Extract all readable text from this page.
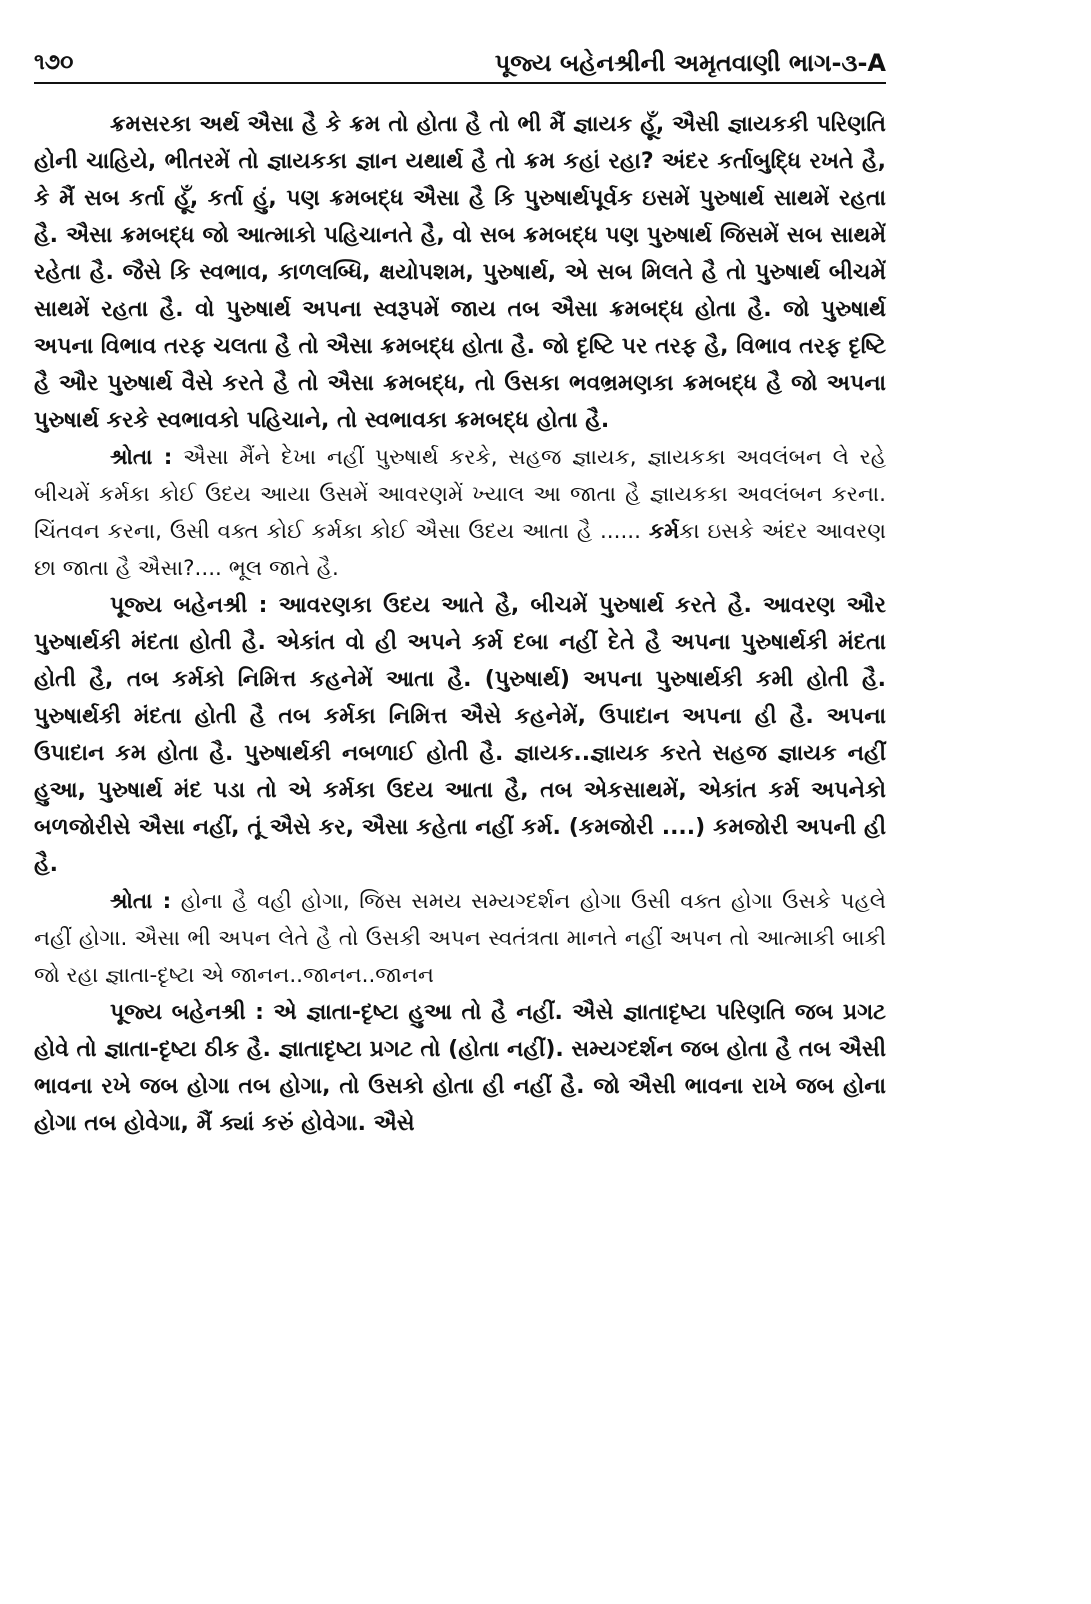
૧૭૦	પૂજ્ય બહેનશ્રીની અમૃતવાણી ભાગ-૩-A

ક્રમસરકા અર્થ ઐસા હૈ કે ક્રમ તો હોતા હૈ તો ભી મૈં જ્ઞાયક હૂઁ, ઐસી જ્ઞાયકકી પરિણતિ હોની ચાહિયે, ભીતરમેં તો જ્ઞાયકકા જ્ઞાન યથાર્થ હૈ તો ક્રમ કહાં રહા? અંદર કર્તાબુદ્ધિ રખતે હૈ, કે મૈં સબ કર્તા હૂઁ, કર્તા હું, પણ ક્રમબદ્ધ ઐસા હૈ કિ પુરુષાર્થપૂર્વક ઇસમેં પુરુષાર્થ સાથમેં રહતા હૈ. ઐસા ક્રમબદ્ધ જો આત્માકો પહિચાનતે હૈ, વો સબ ક્રમબદ્ધ પણ પુરુષાર્થ જિસમેં સબ સાથમેં રહેતા હૈ. જૈસે કિ સ્વભાવ, કાળલબ્ધિ, ક્ષયોપશમ, પુરુષાર્થ, એ સબ મિલતે હૈ તો પુરુષાર્થ બીચમેં સાથમેં રહતા હૈ. વો પુરુષાર્થ અપના સ્વરૂપમેં જાય તબ ઐસા ક્રમબદ્ધ હોતા હૈ. જો પુરુષાર્થ અપના વિભાવ તરફ ચલતા હૈ તો ઐસા ક્રમબદ્ધ હોતા હૈ. જો દૃષ્ટિ પર તરફ હૈ, વિભાવ તરફ દૃષ્ટિ હૈ ઔર પુરુષાર્થ વૈસે કરતે હૈ તો ઐસા ક્રમબદ્ધ, તો ઉસકા ભવભ્રમણકા ક્રમબદ્ધ હૈ જો અપના પુરુષાર્થ કરકે સ્વભાવકો પહિચાને, તો સ્વભાવકા ક્રમબદ્ધ હોતા હૈ.

શ્રોતા : ઐસા મૈંને દેખા નહીં પુરુષાર્થ કરકે, સહજ જ્ઞાયક, જ્ઞાયકકા અવલંબન લે રહે બીચમેં કર્મકા કોઈ ઉદય આયા ઉસમેં આવરણમેં ખ્યાલ આ જાતા હૈ જ્ઞાયકકા અવલંબન કરના. ચિંતવન કરના, ઉસી વક્ત કોઈ કર્મકા કોઈ ઐસા ઉદય આતા હૈ ...... કર્મકા ઇસકે અંદર આવરણ છા જાતા હૈ ઐસા?.... ભૂલ જાતે હૈ.

પૂજ્ય બહેનશ્રી : આવરણકા ઉદય આતે હૈ, બીચમેં પુરુષાર્થ કરતે હૈ. આવરણ ઔર પુરુષાર્થકી મંદતા હોતી હૈ. એકાંત વો હી અપને કર્મ દબા નહીં દેતે હૈ અપના પુરુષાર્થકી મંદતા હોતી હૈ, તબ કર્મકો નિમિત્ત કહનેમેં આતા હૈ. (પુરુષાર્થ) અપના પુરુષાર્થકી કમી હોતી હૈ. પુરુષાર્થકી મંદતા હોતી હૈ તબ કર્મકા નિમિત્ત ઐસે કહનેમેં, ઉપાદાન અપના હી હૈ. અપના ઉપાદાન કમ હોતા હૈ. પુરુષાર્થકી નબળાઈ હોતી હૈ. જ્ઞાયક..જ્ઞાયક કરતે સહજ જ્ઞાયક નહીં હુઆ, પુરુષાર્થ મંદ પડા તો એ કર્મકા ઉદય આતા હૈ, તબ એકસાથમેં, એકાંત કર્મ અપનેકો બળજોરીસે ઐસા નહીં, તૂં ઐસે કર, ઐસા કહેતા નહીં કર્મ. (કમજોરી ....) કમજોરી અપની હી હૈ.

શ્રોતા : હોના હૈ વહી હોગા, જિસ સમય સમ્યગ્દર્શન હોગા ઉસી વક્ત હોગા ઉસકે પહલે નહીં હોગા. ઐસા ભી અપન લેતે હૈ તો ઉસકી અપન સ્વતંત્રતા માનતે નહીં અપન તો આત્માકી બાકી જો રહા જ્ઞાતા-દૃષ્ટા એ જાનન..જાનન..જાનન

પૂજ્ય બહેનશ્રી : એ જ્ઞાતા-દૃષ્ટા હુઆ તો હૈ નહીં. ઐસે જ્ઞાતાદૃષ્ટા પરિણતિ જબ પ્રગટ હોવે તો જ્ઞાતા-દૃષ્ટા ઠીક હૈ. જ્ઞાતાદૃષ્ટા પ્રગટ તો (હોતા નહીં). સમ્યગ્દર્શન જબ હોતા હૈ તબ ઐસી ભાવના રખે જબ હોગા તબ હોગા, તો ઉસકો હોતા હી નહીં હૈ. જો ઐસી ભાવના રાખે જબ હોના હોગા તબ હોવેગા, મૈં ક્યાં કરું હોવેગા. ઐસે
